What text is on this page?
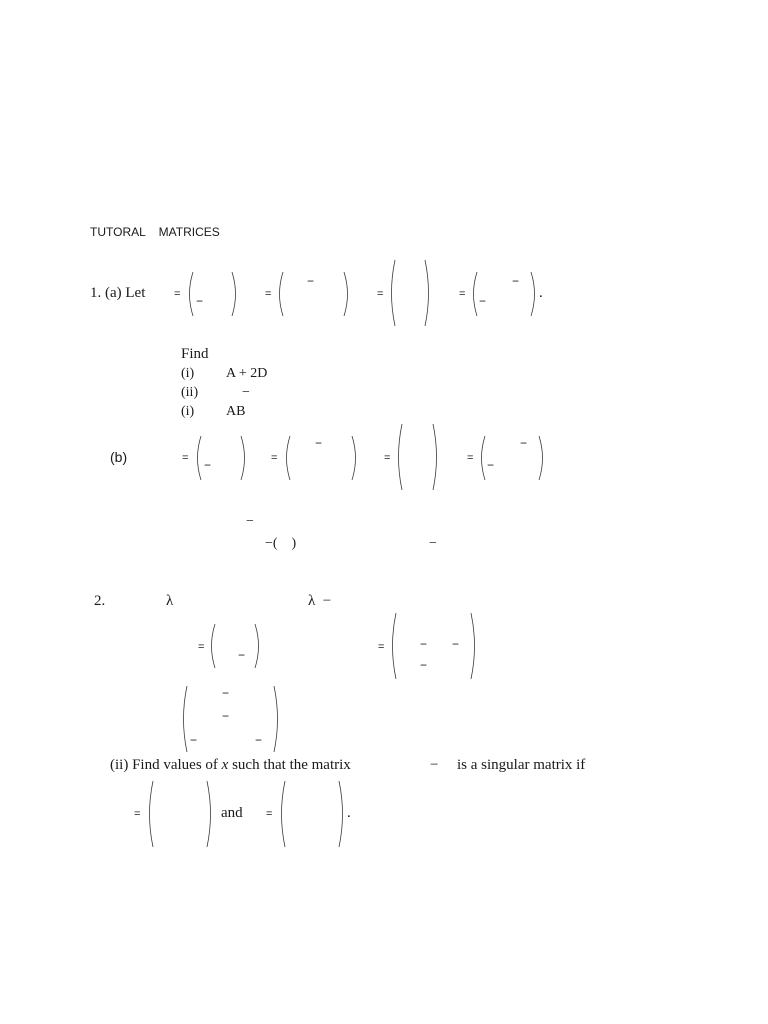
TUTORAL    MATRICES
1. (a) Let	= −	=
−
=	= −
−
.
Find
(i) A + 2D
(ii)	−
(i) AB
(b)	= −	=
−
=	= −
−
−
−(    )	−
2.	λ	λ  −
=
−
=	− −
−
−
−
−	−
(ii) Find values of x such that the matrix	− is a singular matrix if
=	and =	.
